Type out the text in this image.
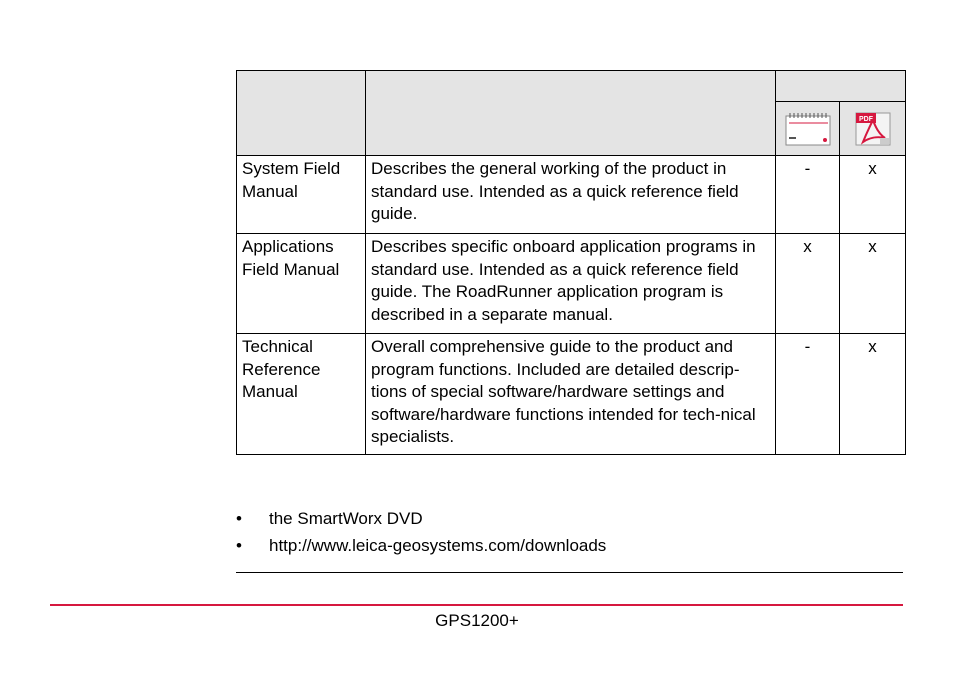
PDF

System Field Manual	Describes the general working of the product in standard use. Intended as a quick reference field guide.	-	x
Applications Field Manual	Describes specific onboard application programs in standard use. Intended as a quick reference field guide. The RoadRunner application program is described in a separate manual.	x	x
Technical Reference Manual	Overall comprehensive guide to the product and program functions. Included are detailed descrip-tions of special software/hardware settings and software/hardware functions intended for tech-nical specialists.	-	x
• the SmartWorx DVD
• http://www.leica-geosystems.com/downloads
GPS1200+
